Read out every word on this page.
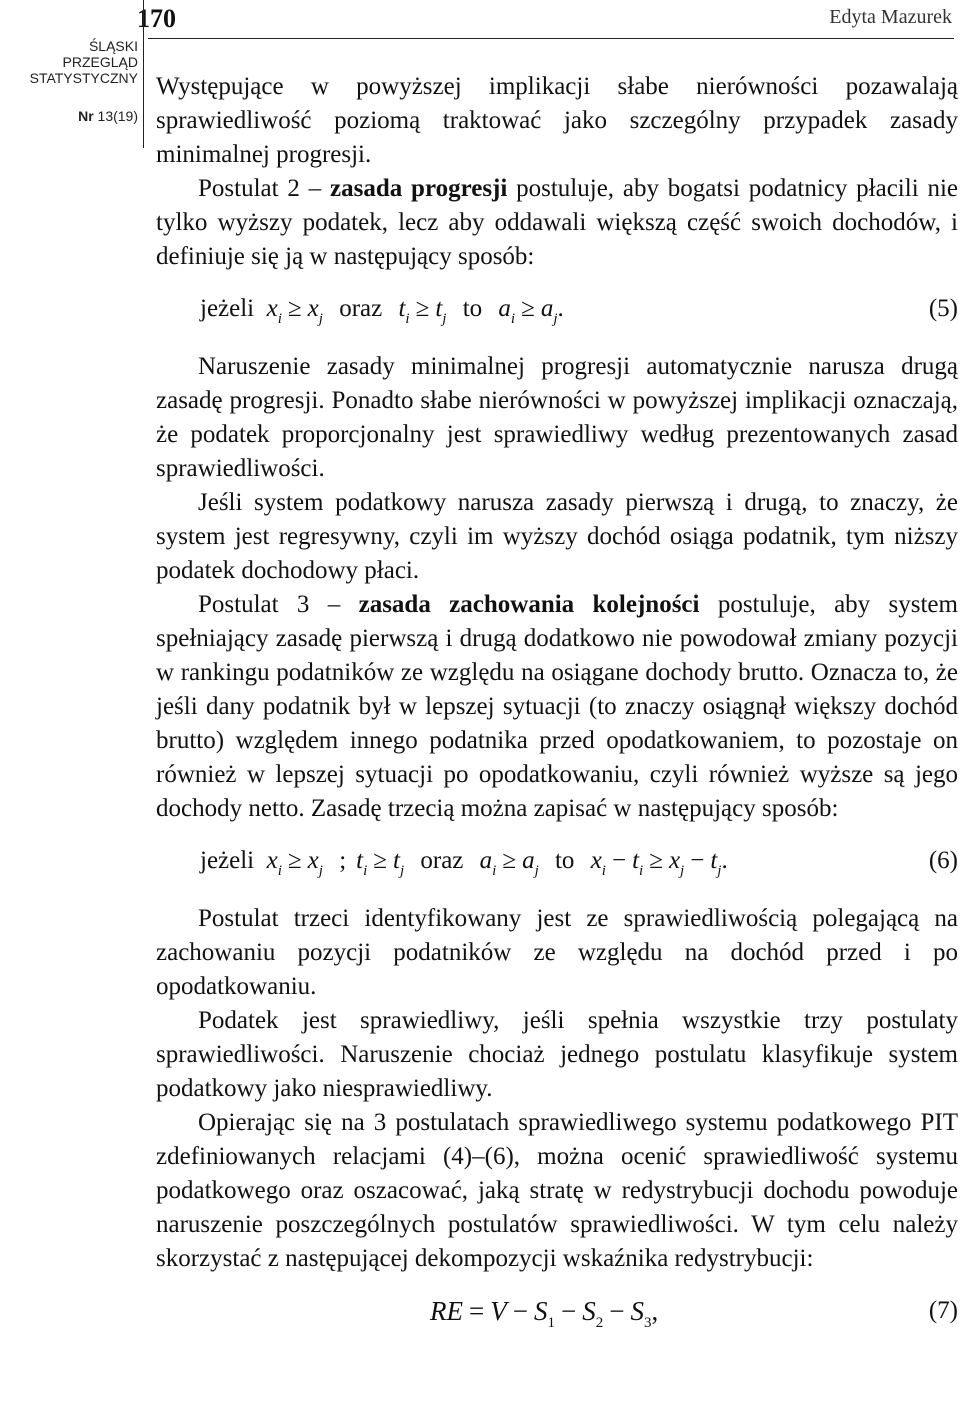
170	Edyta Mazurek
ŚLĄSKI
PRZEGLĄD
STATYSTYCZNY
Nr 13(19)

Występujące w powyższej implikacji słabe nierówności pozawalają sprawiedliwość poziomą traktować jako szczególny przypadek zasady minimalnej progresji.

Postulat 2 – zasada progresji postuluje, aby bogatsi podatnicy płacili nie tylko wyższy podatek, lecz aby oddawali większą część swoich dochodów, i definiuje się ją w następujący sposób:

jeżeli $x_i \ge x_j$ oraz $t_i \ge t_j$ to $a_i \ge a_j$.	(5)

Naruszenie zasady minimalnej progresji automatycznie narusza drugą zasadę progresji. Ponadto słabe nierówności w powyższej implikacji oznaczają, że podatek proporcjonalny jest sprawiedliwy według prezentowanych zasad sprawiedliwości.

Jeśli system podatkowy narusza zasady pierwszą i drugą, to znaczy, że system jest regresywny, czyli im wyższy dochód osiąga podatnik, tym niższy podatek dochodowy płaci.

Postulat 3 – zasada zachowania kolejności postuluje, aby system spełniający zasadę pierwszą i drugą dodatkowo nie powodował zmiany pozycji w rankingu podatników ze względu na osiągane dochody brutto. Oznacza to, że jeśli dany podatnik był w lepszej sytuacji (to znaczy osiągnął większy dochód brutto) względem innego podatnika przed opodatkowaniem, to pozostaje on również w lepszej sytuacji po opodatkowaniu, czyli również wyższe są jego dochody netto. Zasadę trzecią można zapisać w następujący sposób:

jeżeli $x_i \ge x_j$ ; $t_i \ge t_j$ oraz $a_i \ge a_j$ to $x_i - t_i \ge x_j - t_j$.	(6)

Postulat trzeci identyfikowany jest ze sprawiedliwością polegającą na zachowaniu pozycji podatników ze względu na dochód przed i po opodatkowaniu.

Podatek jest sprawiedliwy, jeśli spełnia wszystkie trzy postulaty sprawiedliwości. Naruszenie chociaż jednego postulatu klasyfikuje system podatkowy jako niesprawiedliwy.

Opierając się na 3 postulatach sprawiedliwego systemu podatkowego PIT zdefiniowanych relacjami (4)–(6), można ocenić sprawiedliwość systemu podatkowego oraz oszacować, jaką stratę w redystrybucji dochodu powoduje naruszenie poszczególnych postulatów sprawiedliwości. W tym celu należy skorzystać z następującej dekompozycji wskaźnika redystrybucji:

RE = $V - S_1 - S_2 - S_3$,	(7)
